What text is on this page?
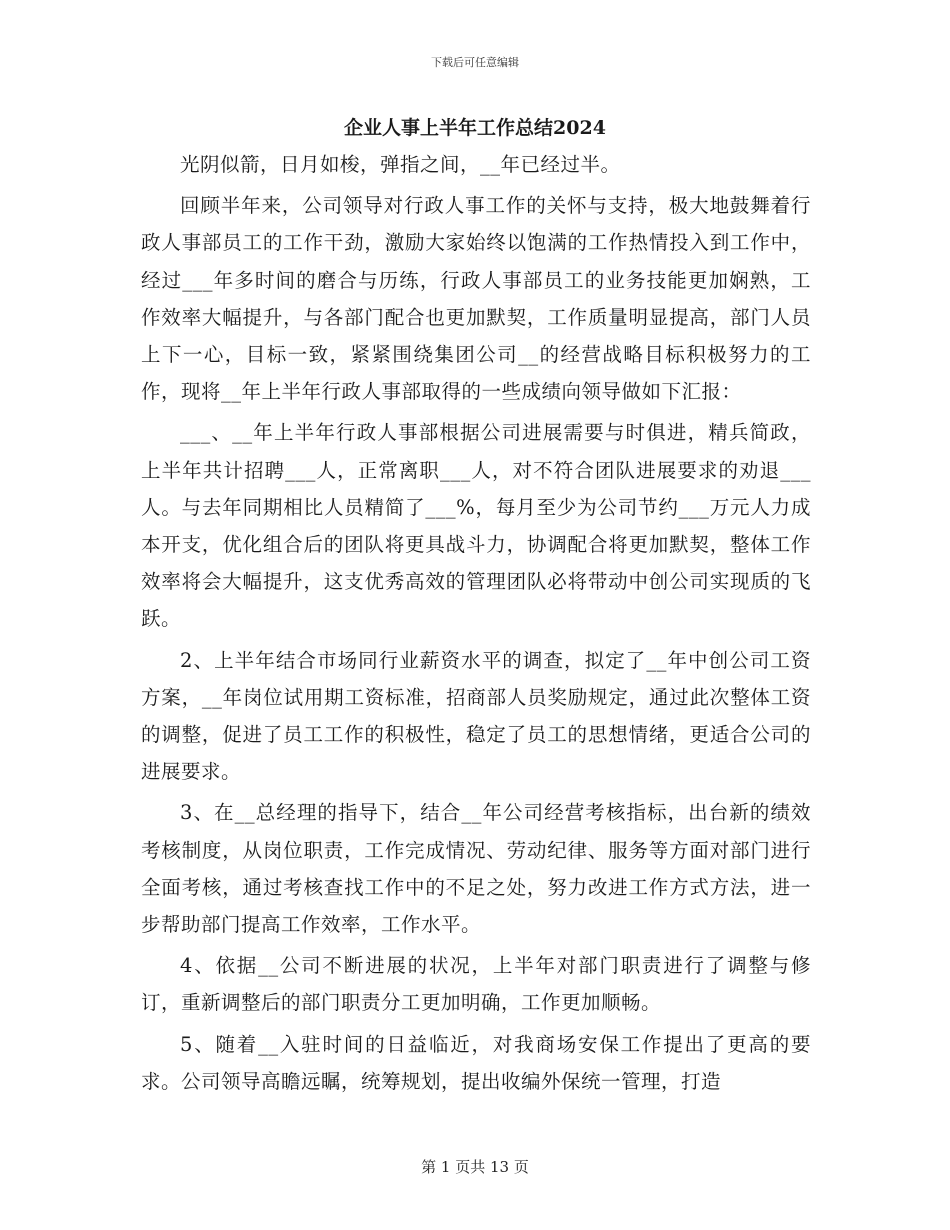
下载后可任意编辑
企业人事上半年工作总结2024

光阴似箭，日月如梭，弹指之间，__年已经过半。

回顾半年来，公司领导对行政人事工作的关怀与支持，极大地鼓舞着行政人事部员工的工作干劲，激励大家始终以饱满的工作热情投入到工作中，经过___年多时间的磨合与历练，行政人事部员工的业务技能更加娴熟，工作效率大幅提升，与各部门配合也更加默契，工作质量明显提高，部门人员上下一心，目标一致，紧紧围绕集团公司__的经营战略目标积极努力的工作，现将__年上半年行政人事部取得的一些成绩向领导做如下汇报：

___、__年上半年行政人事部根据公司进展需要与时俱进，精兵简政，上半年共计招聘___人，正常离职___人，对不符合团队进展要求的劝退___人。与去年同期相比人员精简了___%，每月至少为公司节约___万元人力成本开支，优化组合后的团队将更具战斗力，协调配合将更加默契，整体工作效率将会大幅提升，这支优秀高效的管理团队必将带动中创公司实现质的飞跃。

2、上半年结合市场同行业薪资水平的调查，拟定了__年中创公司工资方案，__年岗位试用期工资标准，招商部人员奖励规定，通过此次整体工资的调整，促进了员工工作的积极性，稳定了员工的思想情绪，更适合公司的进展要求。

3、在__总经理的指导下，结合__年公司经营考核指标，出台新的绩效考核制度，从岗位职责，工作完成情况、劳动纪律、服务等方面对部门进行全面考核，通过考核查找工作中的不足之处，努力改进工作方式方法，进一步帮助部门提高工作效率，工作水平。

4、依据__公司不断进展的状况，上半年对部门职责进行了调整与修订，重新调整后的部门职责分工更加明确，工作更加顺畅。

5、随着__入驻时间的日益临近，对我商场安保工作提出了更高的要求。公司领导高瞻远瞩，统筹规划，提出收编外保统一管理，打造

第 1 页共 13 页
